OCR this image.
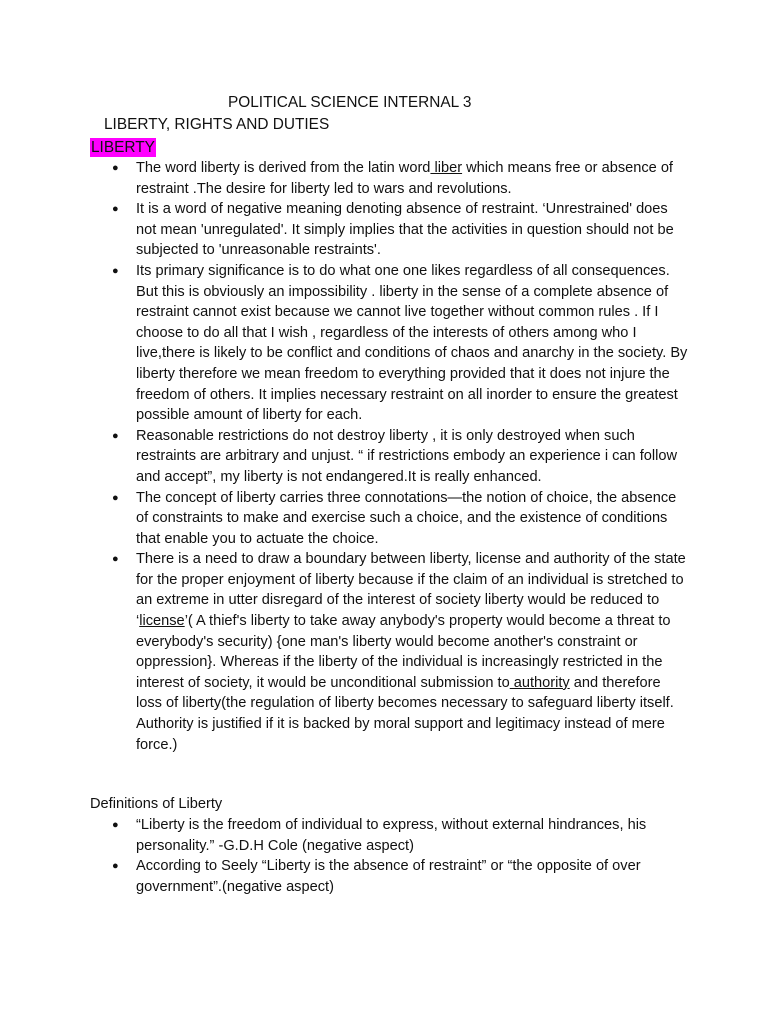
POLITICAL SCIENCE INTERNAL 3
LIBERTY, RIGHTS AND DUTIES
LIBERTY
● The word liberty is derived from the latin word liber which means free or absence of restraint .The desire for liberty led to wars and revolutions.
● It is a word of negative meaning denoting absence of restraint. ‘Unrestrained' does not mean 'unregulated'. It simply implies that the activities in question should not be subjected to 'unreasonable restraints'.
● Its primary significance is to do what one one likes regardless of all consequences. But this is obviously an impossibility . liberty in the sense of a complete absence of restraint cannot exist because we cannot live together without common rules . If I choose to do all that I wish , regardless of the interests of others among who I live,there is likely to be conflict and conditions of chaos and anarchy in the society. By liberty therefore we mean freedom to everything provided that it does not injure the freedom of others. It implies necessary restraint on all inorder to ensure the greatest possible amount of liberty for each.
● Reasonable restrictions do not destroy liberty , it is only destroyed when such restraints are arbitrary and unjust. “ if restrictions embody an experience i can follow and accept”, my liberty is not endangered.It is really enhanced.
● The concept of liberty carries three connotations—the notion of choice, the absence of constraints to make and exercise such a choice, and the existence of conditions that enable you to actuate the choice.
● There is a need to draw a boundary between liberty, license and authority of the state for the proper enjoyment of liberty because if the claim of an individual is stretched to an extreme in utter disregard of the interest of society liberty would be reduced to ‘license’( A thief's liberty to take away anybody's property would become a threat to everybody's security) {one man's liberty would become another's constraint or oppression}. Whereas if the liberty of the individual is increasingly restricted in the interest of society, it would be unconditional submission to authority and therefore loss of liberty(the regulation of liberty becomes necessary to safeguard liberty itself. Authority is justified if it is backed by moral support and legitimacy instead of mere force.)
Definitions of Liberty
● “Liberty is the freedom of individual to express, without external hindrances, his personality.” -G.D.H Cole (negative aspect)
● According to Seely “Liberty is the absence of restraint” or “the opposite of over government”.(negative aspect)
